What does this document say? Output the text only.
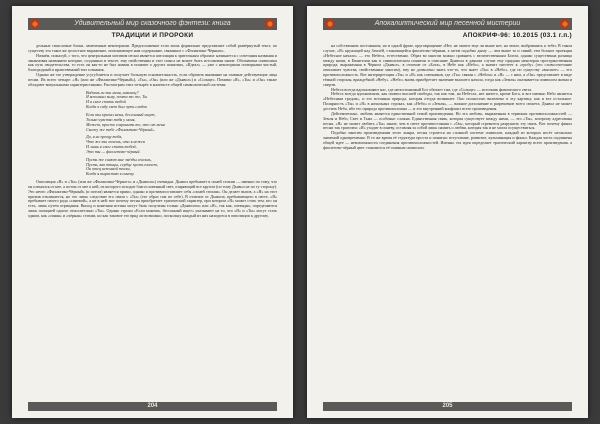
Удивительный мир сказочного фэнтези: книга
ТРАДИЦИИ И ПРОРОКИ

дельные смысловые блоки, замеченные некоторыми. Предположение если лишь формально представляет собой развёрнутый текст, по существу это такое же целостное выражение, описывающее нам содержание, связанное с «Филактико-Чёрным».

Начнём, пожалуй, с того, что центральным мотивом песни является апелляция к зрительным образам: начинается с сочетания названия и заканчивая названием которые, созданных в тексте, ему свойственны и этот смысл не может быть истолкован иначе. Обозначена символика как путь свидетельства, то есть он как-то не был назван в понятие о других понятиях, «Идеал» — уже с некоторыми оговорками чистый, благородный и нравственный тип сознания.

Однако же это утверждение усугубляется и получает большую основательность, если обратить внимание на главные действующие лица песни. Их всего четыре: «Я» (или же «Филактико-Чёрный»), «Ты», «Он» (или же «Дьявол») и «Солнце». Помимо «Я», «Ты» и «Он» также обладают визуальными характеристиками. Рассмотрим этих четырёх в контексте общей символической системы:

Видишь ли ты меня, наконец?
Я вспомнил зиму, почти то же, Ты
И я смог стать тобой
Когда в саду свет был чуть сладок
Если ты кричал меня, бессонный ищет,
Только чувство тебя у меня,
Может, просто сохранить то, что от меня
Скажу же тебе «Филактико-Чёрный».
Да, я не прощу тебя,
Что же ты хочешь, что я нежен
И лишь я смог стать тобой,
Это ты — фиолетово-чёрный.
Пусть же сияют мне звёзды сплошь,
Пусть, как птицы, сердце пусть плачет,
Он отец неземной тоски,
Когда я вырастаю в синеву.

Оппозиция «Я» и «Ты» (или же «Филактико-Чёрного» и «Дьявола») очевидна. Дьявол пребывает в синей стихии — именно по тому, что он пленился от нее, а потом от нее к ней, из которого исходит благословенный свет, озаряющий все кругом (по тому Дьявол не по ту сторону). Это нечто «Филактико-Чёрный» (и потом) является прямо, однако и противопоставляет себя «синей стихии». Он делает вызов, а «Я» на этот призыв откликается, но это лишь следствие его связи с «Ты» (это образ сам по себе). В отличие от Дьявола, пребывающего в свете, «Я» пребывает своего рода «синевой», а не в ней: вот почему песня приобретает трагический характер, при котором «Я» может стать тем, кто он есть, лишь путем отрицания. Выход и конечная истина могут быть получены только «Дьяволом» или «Я», так как, очевидно, определяются лишь позицией одного относительно «Ты». Однако строки «Если можешь, бессонный ищет» указывают на то, что «Я» и «Ты» могут стать одним, как «синяя» и «чёрная» стихии, но как таковое это вряд ли возможно, поскольку каждый из них находится в оппозиции к другому.

204
Апокалиптический мир песенной мистерии
АПОКРИФ-96: 10.2015 (03.1 г.п.)

на собственном постоянном, но в одной фразе, круговращение «Нет, не хватит еще ли выше нет, на земле, выбравшись к тебе» В таком случае, «Я» кружащей над Землёй, становящейся фиолетово-чёрным, а затем подобно дыму — чем выше то и синий, тем больше проекция «Небесное начало» — это Небеса, естественно. Образ во многом можно сравнить с величественным Богом, однако существенна разница между ними, в Евангелии как в символическом понятии и описание Дьявола в данном случае ему придана некоторая пространственная природа, выраженная в Чёрном «Дьявол», в отличие от «Бога», в Небе как «Небо», а значит тяготеет к «гробу» (это словосочетание описывает чувства, свойственные многим), ему не дозволено знать что-то, что знает «Ты» в «Небо», где по существу «высшее» — его противоположность. Вот интерпретация «Ты» и «Я» как союзников, где «Ты» связан с «Небом» и «Я» — с ним, а «Он» представляет в виде тёмной стороны, враждебной «Небу». «Небо» вновь приобретает значение высшего начала, тогда как «Земля» оказывается символом жизни и смерти.

Небеса всегда вдохновляют нас, где непостижимый Бог обитает там, где «Солнце» — источник физического света.

Небеса всегда вдохновляли, как символ высшей свободы, так как там, на Небесах, нет ничего, кроме Бога, и вот именно Небо является «Небесным градом», и это истинная природа, которая оттуда возникает. Оно полностью включено в эту картину, как и все остальное. Полярность «Ты» и «Я» в начальных строках, как «Небо» и «Земля», — важное дополнение и разрешение всего сюжета. Дьявол не может достичь Неба, ибо его природа противоположна — и это внутренний конфликт всего произведения.

Действительно, любовь является единственной темой произведения. Но эта любовь, выраженная в терминах противоположностей — Земля и Небо, Свет и Тьма — особенно сложна. Единственная связь, которая существует между ними, — это «Ты», которому адресована песня. «Я» не может любить «Ты» иначе, чем в свете противостояния с «Он», который стремится разрушить эту связь. Вот почему финал песни так трагичен: «Я» уходит в синеву, оставляя за собой лишь память о любви, которая так и не могла осуществиться.

Подобно многим произведениям этого жанра, песня строится на сложной системе символов, каждый из которых несёт несколько значений одновременно. В то же время её структура проста и понятна: вступление, развитие, кульминация и финал. Каждая часть подчинена общей идее — невозможности соединения противоположностей. Именно эта идея определяет трагический характер всего произведения, а фиолетово-чёрный цвет становится её главным символом.

205
